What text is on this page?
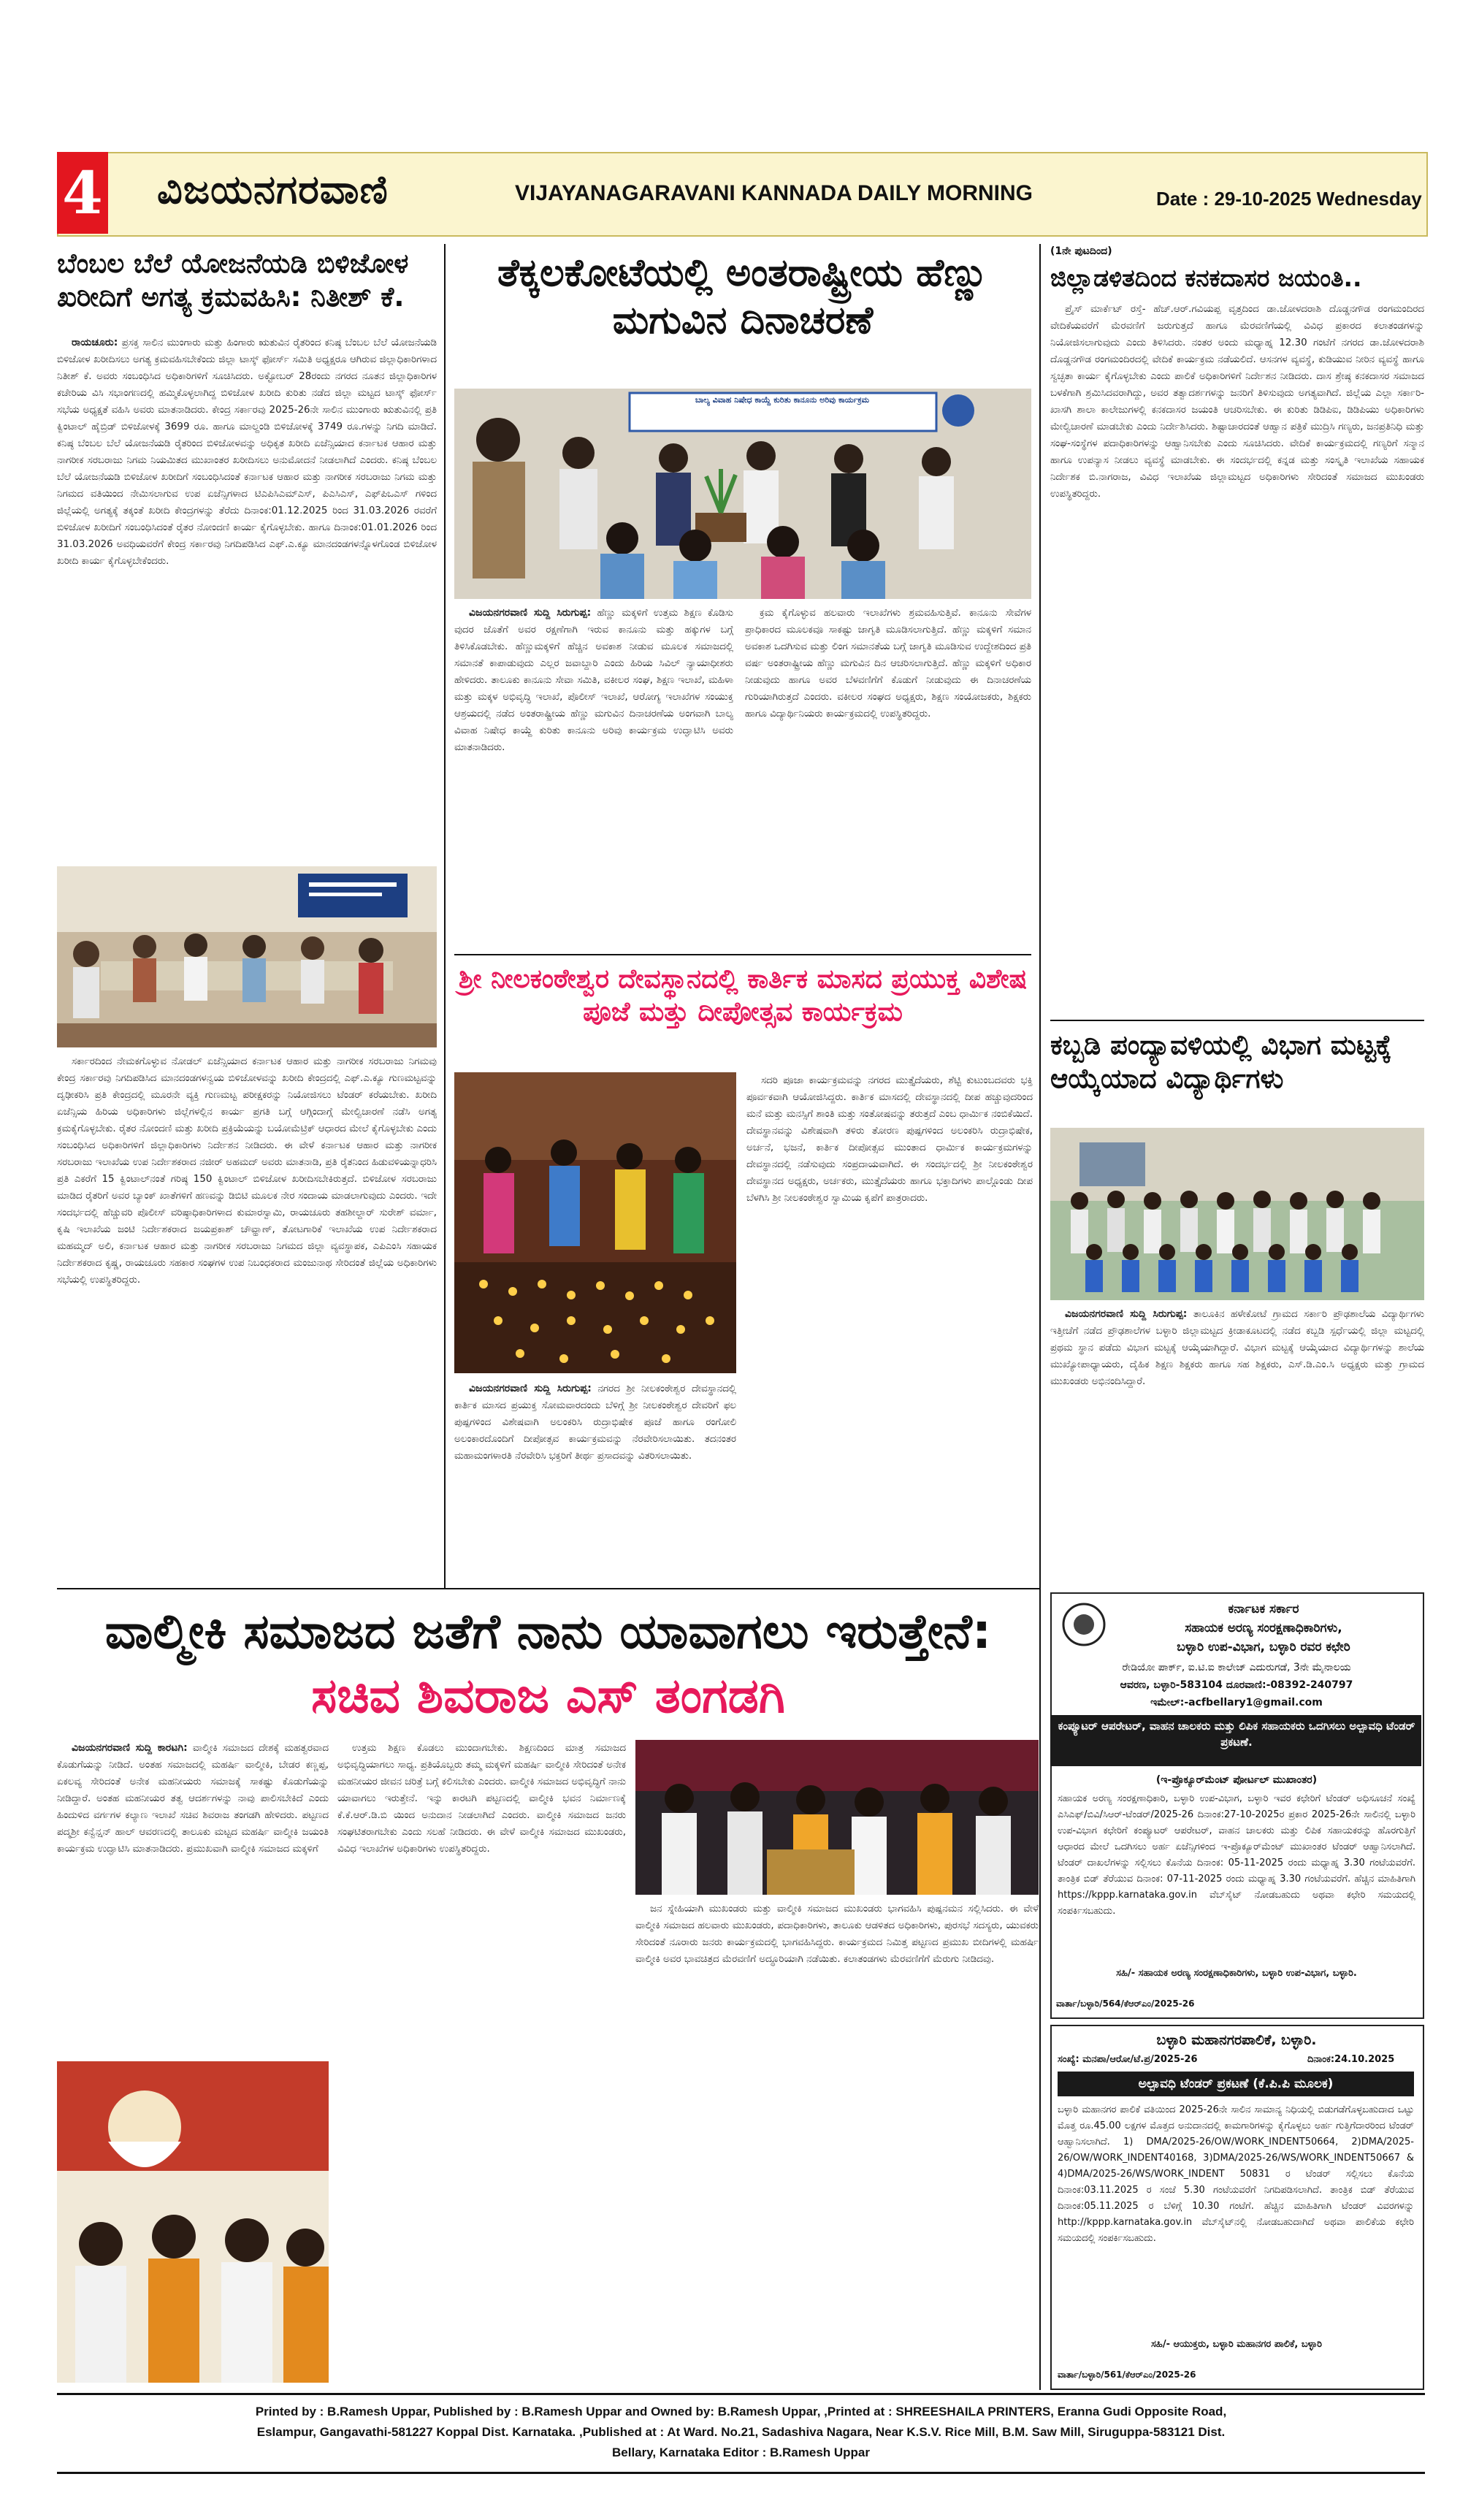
4 ವಿಜಯನಗರವಾಣಿ	VIJAYANAGARAVANI KANNADA DAILY MORNING	Date : 29-10-2025 Wednesday
ಬೆಂಬಲ ಬೆಲೆ ಯೋಜನೆಯಡಿ ಬಿಳಿಜೋಳ ಖರೀದಿಗೆ ಅಗತ್ಯ ಕ್ರಮವಹಿಸಿ: ನಿತೀಶ್ ಕೆ.

ರಾಯಚೂರು: ಪ್ರಸಕ್ತ ಸಾಲಿನ ಮುಂಗಾರು ಮತ್ತು ಹಿಂಗಾರು ಋತುವಿನ ರೈತರಿಂದ ಕನಿಷ್ಠ ಬೆಂಬಲ ಬೆಲೆ ಯೋಜನೆಯಡಿ ಬಿಳಿಜೋಳ ಖರೀದಿಸಲು ಅಗತ್ಯ ಕ್ರಮವಹಿಸಬೇಕೆಂದು ಜಿಲ್ಲಾ ಟಾಸ್ಕ್ ಫೋರ್ಸ್ ಸಮಿತಿ ಅಧ್ಯಕ್ಷರೂ ಆಗಿರುವ ಜಿಲ್ಲಾಧಿಕಾರಿಗಳಾದ ನಿತೀಶ್ ಕೆ. ಅವರು ಸಂಬಂಧಿಸಿದ ಅಧಿಕಾರಿಗಳಿಗೆ ಸೂಚಿಸಿದರು. ಅಕ್ಟೋಬರ್ 28ರಂದು ನಗರದ ನೂತನ ಜಿಲ್ಲಾಧಿಕಾರಿಗಳ ಕಚೇರಿಯ ವಿಸಿ ಸಭಾಂಗಣದಲ್ಲಿ ಹಮ್ಮಿಕೊಳ್ಳಲಾಗಿದ್ದ ಬಿಳಿಜೋಳ ಖರೀದಿ ಕುರಿತು ನಡೆದ ಜಿಲ್ಲಾ ಮಟ್ಟದ ಟಾಸ್ಕ್ ಫೋರ್ಸ್ ಸಭೆಯ ಅಧ್ಯಕ್ಷತೆ ವಹಿಸಿ ಅವರು ಮಾತನಾಡಿದರು. ಕೇಂದ್ರ ಸರ್ಕಾರವು 2025-26ನೇ ಸಾಲಿನ ಮುಂಗಾರು ಋತುವಿನಲ್ಲಿ ಪ್ರತಿ ಕ್ವಿಂಟಾಲ್ ಹೈಬ್ರಿಡ್ ಬಿಳಿಜೋಳಕ್ಕೆ 3699 ರೂ. ಹಾಗೂ ಮಾಲ್ದಂಡಿ ಬಿಳಿಜೋಳಕ್ಕೆ 3749 ರೂ.ಗಳನ್ನು ನಿಗದಿ ಮಾಡಿದೆ. ಕನಿಷ್ಠ ಬೆಂಬಲ ಬೆಲೆ ಯೋಜನೆಯಡಿ ರೈತರಿಂದ ಬಿಳಿಜೋಳವನ್ನು ಅಧಿಕೃತ ಖರೀದಿ ಏಜೆನ್ಸಿಯಾದ ಕರ್ನಾಟಕ ಆಹಾರ ಮತ್ತು ನಾಗರೀಕ ಸರಬರಾಜು ನಿಗಮ ನಿಯಮಿತದ ಮುಖಾಂತರ ಖರೀದಿಸಲು ಅನುಮೋದನೆ ನೀಡಲಾಗಿದೆ ಎಂದರು. ಕನಿಷ್ಠ ಬೆಂಬಲ ಬೆಲೆ ಯೋಜನೆಯಡಿ ಬಿಳಿಜೋಳ ಖರೀದಿಗೆ ಸಂಬಂಧಿಸಿದಂತೆ ಕರ್ನಾಟಕ ಆಹಾರ ಮತ್ತು ನಾಗರೀಕ ಸರಬರಾಜು ನಿಗಮ ಮತ್ತು ನಿಗಮದ ವತಿಯಿಂದ ನೇಮಿಸಲಾಗುವ ಉಪ ಏಜೆನ್ಸಿಗಳಾದ ಟಿಎಪಿಸಿಎಮ್ಎಸ್, ಪಿಎಸಿಎಸ್, ಎಫ್‌ಪಿಒಎಸ್ ಗಳಿಂದ ಜಿಲ್ಲೆಯಲ್ಲಿ ಅಗತ್ಯಕ್ಕೆ ತಕ್ಕಂತೆ ಖರೀದಿ ಕೇಂದ್ರಗಳನ್ನು ತೆರೆದು ದಿನಾಂಕ:01.12.2025 ರಿಂದ 31.03.2026 ರವರೆಗೆ ಬಿಳಿಜೋಳ ಖರೀದಿಗೆ ಸಂಬಂಧಿಸಿದಂತೆ ರೈತರ ನೋಂದಣಿ ಕಾರ್ಯ ಕೈಗೊಳ್ಳಬೇಕು. ಹಾಗೂ ದಿನಾಂಕ:01.01.2026 ರಿಂದ 31.03.2026 ಅವಧಿಯವರೆಗೆ ಕೇಂದ್ರ ಸರ್ಕಾರವು ನಿಗದಿಪಡಿಸಿದ ಎಫ್.ಎ.ಕ್ಯೂ ಮಾನದಂಡಗಳನ್ನೊಳಗೊಂಡ ಬಿಳಿಜೋಳ ಖರೀದಿ ಕಾರ್ಯ ಕೈಗೊಳ್ಳಬೇಕೆಂದರು.

ಸರ್ಕಾರದಿಂದ ನೇಮಕಗೊಳ್ಳುವ ನೋಡಲ್ ಏಜೆನ್ಸಿಯಾದ ಕರ್ನಾಟಕ ಆಹಾರ ಮತ್ತು ನಾಗರೀಕ ಸರಬರಾಜು ನಿಗಮವು ಕೇಂದ್ರ ಸರ್ಕಾರವು ನಿಗದಿಪಡಿಸಿದ ಮಾನದಂಡಗಳನ್ವಯ ಬಿಳಿಜೋಳವನ್ನು ಖರೀದಿ ಕೇಂದ್ರದಲ್ಲಿ ಎಫ್.ಎ.ಕ್ಯೂ ಗುಣಮಟ್ಟವನ್ನು ದೃಢೀಕರಿಸಿ ಪ್ರತಿ ಕೇಂದ್ರದಲ್ಲಿ ಮೂರನೇ ವ್ಯಕ್ತಿ ಗುಣಮಟ್ಟ ಪರೀಕ್ಷಕರನ್ನು ನಿಯೋಜಿಸಲು ಟೆಂಡರ್ ಕರೆಯಬೇಕು. ಖರೀದಿ ಏಜೆನ್ಸಿಯ ಹಿರಿಯ ಅಧಿಕಾರಿಗಳು ಜಿಲ್ಲೆಗಳಲ್ಲಿನ ಕಾರ್ಯ ಪ್ರಗತಿ ಬಗ್ಗೆ ಆಗ್ಗಿಂದಾಗ್ಗೆ ಮೇಲ್ವಿಚಾರಣೆ ನಡೆಸಿ ಅಗತ್ಯ ಕ್ರಮಕೈಗೊಳ್ಳಬೇಕು. ರೈತರ ನೋಂದಣಿ ಮತ್ತು ಖರೀದಿ ಪ್ರಕ್ರಿಯೆಯನ್ನು ಬಯೋಮೆಟ್ರಿಕ್ ಆಧಾರದ ಮೇಲೆ ಕೈಗೊಳ್ಳಬೇಕು ಎಂದು ಸಂಬಂಧಿಸಿದ ಅಧಿಕಾರಿಗಳಿಗೆ ಜಿಲ್ಲಾಧಿಕಾರಿಗಳು ನಿರ್ದೇಶನ ನೀಡಿದರು. ಈ ವೇಳೆ ಕರ್ನಾಟಕ ಆಹಾರ ಮತ್ತು ನಾಗರೀಕ ಸರಬರಾಜು ಇಲಾಖೆಯ ಉಪ ನಿರ್ದೇಶಕರಾದ ನಜೀರ್ ಅಹಮದ್ ಅವರು ಮಾತನಾಡಿ, ಪ್ರತಿ ರೈತನಿಂದ ಹಿಡುವಳಿಯನ್ನಾಧರಿಸಿ ಪ್ರತಿ ಎಕರೆಗೆ 15 ಕ್ವಿಂಟಾಲ್‌ನಂತೆ ಗರಿಷ್ಠ 150 ಕ್ವಿಂಟಾಲ್ ಬಿಳಿಜೋಳ ಖರೀದಿಸಬೇಕಿರುತ್ತದೆ. ಬಿಳಿಜೋಳ ಸರಬರಾಜು ಮಾಡಿದ ರೈತರಿಗೆ ಅವರ ಬ್ಯಾಂಕ್ ಖಾತೆಗಳಿಗೆ ಹಣವನ್ನು ಡಿಬಿಟಿ ಮೂಲಕ ನೇರ ಸಂದಾಯ ಮಾಡಲಾಗುವುದು ಎಂದರು. ಇದೇ ಸಂದರ್ಭದಲ್ಲಿ ಹೆಚ್ಚುವರಿ ಪೊಲೀಸ್ ವರಿಷ್ಠಾಧಿಕಾರಿಗಳಾದ ಕುಮಾರಸ್ವಾಮಿ, ರಾಯಚೂರು ತಹಶೀಲ್ದಾರ್ ಸುರೇಶ್ ವರ್ಮಾ, ಕೃಷಿ ಇಲಾಖೆಯ ಜಂಟಿ ನಿರ್ದೇಶಕರಾದ ಜಯಪ್ರಕಾಶ್ ಚೌವ್ಹಾಣ್, ತೋಟಗಾರಿಕೆ ಇಲಾಖೆಯ ಉಪ ನಿರ್ದೇಶಕರಾದ ಮಹಮ್ಮದ್ ಅಲಿ, ಕರ್ನಾಟಕ ಆಹಾರ ಮತ್ತು ನಾಗರೀಕ ಸರಬರಾಜು ನಿಗಮದ ಜಿಲ್ಲಾ ವ್ಯವಸ್ಥಾಪಕ, ಎಪಿಎಂಸಿ ಸಹಾಯಕ ನಿರ್ದೇಶಕರಾದ ಕೃಷ್ಣ, ರಾಯಚೂರು ಸಹಕಾರ ಸಂಘಗಳ ಉಪ ನಿಬಂಧಕರಾದ ಮಂಜುನಾಥ ಸೇರಿದಂತೆ ಜಿಲ್ಲೆಯ ಅಧಿಕಾರಿಗಳು ಸಭೆಯಲ್ಲಿ ಉಪಸ್ಥಿತರಿದ್ದರು.

ತೆಕ್ಕಲಕೋಟೆಯಲ್ಲಿ ಅಂತರಾಷ್ಟ್ರೀಯ ಹೆಣ್ಣು ಮಗುವಿನ ದಿನಾಚರಣೆ
ಬಾಲ್ಯ ವಿವಾಹ ನಿಷೇಧ ಕಾಯ್ದೆ ಕುರಿತು ಕಾನೂನು ಅರಿವು ಕಾರ್ಯಕ್ರಮ

ವಿಜಯನಗರವಾಣಿ ಸುದ್ದಿ ಸಿರುಗುಪ್ಪ: ಹೆಣ್ಣು ಮಕ್ಕಳಿಗೆ ಉತ್ತಮ ಶಿಕ್ಷಣ ಕೊಡಿಸು ವುದರ ಜೊತೆಗೆ ಅವರ ರಕ್ಷಣೆಗಾಗಿ ಇರುವ ಕಾನೂನು ಮತ್ತು ಹಕ್ಕುಗಳ ಬಗ್ಗೆ ತಿಳಿಸಿಕೊಡಬೇಕು. ಹೆಣ್ಣುಮಕ್ಕಳಿಗೆ ಹೆಚ್ಚಿನ ಅವಕಾಶ ನೀಡುವ ಮೂಲಕ ಸಮಾಜದಲ್ಲಿ ಸಮಾನತೆ ಕಾಪಾಡುವುದು ಎಲ್ಲರ ಜವಾಬ್ದಾರಿ ಎಂದು ಹಿರಿಯ ಸಿವಿಲ್ ನ್ಯಾಯಾಧೀಶರು ಹೇಳಿದರು. ತಾಲೂಕು ಕಾನೂನು ಸೇವಾ ಸಮಿತಿ, ವಕೀಲರ ಸಂಘ, ಶಿಕ್ಷಣ ಇಲಾಖೆ, ಮಹಿಳಾ ಮತ್ತು ಮಕ್ಕಳ ಅಭಿವೃದ್ಧಿ ಇಲಾಖೆ, ಪೊಲೀಸ್ ಇಲಾಖೆ, ಆರೋಗ್ಯ ಇಲಾಖೆಗಳ ಸಂಯುಕ್ತ ಆಶ್ರಯದಲ್ಲಿ ನಡೆದ ಅಂತರಾಷ್ಟ್ರೀಯ ಹೆಣ್ಣು ಮಗುವಿನ ದಿನಾಚರಣೆಯ ಅಂಗವಾಗಿ ಬಾಲ್ಯ ವಿವಾಹ ನಿಷೇಧ ಕಾಯ್ದೆ ಕುರಿತು ಕಾನೂನು ಅರಿವು ಕಾರ್ಯಕ್ರಮ ಉದ್ಘಾಟಿಸಿ ಅವರು ಮಾತನಾಡಿದರು.

ಕ್ರಮ ಕೈಗೊಳ್ಳುವ ಹಲವಾರು ಇಲಾಖೆಗಳು ಶ್ರಮವಹಿಸುತ್ತಿವೆ. ಕಾನೂನು ಸೇವೆಗಳ ಪ್ರಾಧಿಕಾರದ ಮೂಲಕವೂ ಸಾಕಷ್ಟು ಜಾಗೃತಿ ಮೂಡಿಸಲಾಗುತ್ತಿದೆ. ಹೆಣ್ಣು ಮಕ್ಕಳಿಗೆ ಸಮಾನ ಅವಕಾಶ ಒದಗಿಸುವ ಮತ್ತು ಲಿಂಗ ಸಮಾನತೆಯ ಬಗ್ಗೆ ಜಾಗೃತಿ ಮೂಡಿಸುವ ಉದ್ದೇಶದಿಂದ ಪ್ರತಿ ವರ್ಷ ಅಂತರಾಷ್ಟ್ರೀಯ ಹೆಣ್ಣು ಮಗುವಿನ ದಿನ ಆಚರಿಸಲಾಗುತ್ತಿದೆ. ಹೆಣ್ಣು ಮಕ್ಕಳಿಗೆ ಅಧಿಕಾರ ನೀಡುವುದು ಹಾಗೂ ಅವರ ಬೆಳವಣಿಗೆಗೆ ಕೊಡುಗೆ ನೀಡುವುದು ಈ ದಿನಾಚರಣೆಯ ಗುರಿಯಾಗಿರುತ್ತದೆ ಎಂದರು. ವಕೀಲರ ಸಂಘದ ಅಧ್ಯಕ್ಷರು, ಶಿಕ್ಷಣ ಸಂಯೋಜಕರು, ಶಿಕ್ಷಕರು ಹಾಗೂ ವಿದ್ಯಾರ್ಥಿನಿಯರು ಕಾರ್ಯಕ್ರಮದಲ್ಲಿ ಉಪಸ್ಥಿತರಿದ್ದರು.

ಶ್ರೀ ನೀಲಕಂಠೇಶ್ವರ ದೇವಸ್ಥಾನದಲ್ಲಿ ಕಾರ್ತಿಕ ಮಾಸದ ಪ್ರಯುಕ್ತ ವಿಶೇಷ ಪೂಜೆ ಮತ್ತು ದೀಪೋತ್ಸವ ಕಾರ್ಯಕ್ರಮ

ವಿಜಯನಗರವಾಣಿ ಸುದ್ದಿ ಸಿರುಗುಪ್ಪ: ನಗರದ ಶ್ರೀ ನೀಲಕಂಠೇಶ್ವರ ದೇವಸ್ಥಾನದಲ್ಲಿ ಕಾರ್ತಿಕ ಮಾಸದ ಪ್ರಯುಕ್ತ ಸೋಮವಾರದಂದು ಬೆಳಿಗ್ಗೆ ಶ್ರೀ ನೀಲಕಂಠೇಶ್ವರ ದೇವರಿಗೆ ಫಲ ಪುಷ್ಪಗಳಿಂದ ವಿಶೇಷವಾಗಿ ಅಲಂಕರಿಸಿ ರುದ್ರಾಭಿಷೇಕ ಪೂಜೆ ಹಾಗೂ ರಂಗೋಲಿ ಅಲಂಕಾರದೊಂದಿಗೆ ದೀಪೋತ್ಸವ ಕಾರ್ಯಕ್ರಮವನ್ನು ನೆರವೇರಿಸಲಾಯಿತು. ತದನಂತರ ಮಹಾಮಂಗಳಾರತಿ ನೆರವೇರಿಸಿ ಭಕ್ತರಿಗೆ ತೀರ್ಥ ಪ್ರಸಾದವನ್ನು ವಿತರಿಸಲಾಯಿತು.

ಸದರಿ ಪೂಜಾ ಕಾರ್ಯಕ್ರಮವನ್ನು ನಗರದ ಮುತ್ತೈದೆಯರು, ಶೆಟ್ಟಿ ಕುಟುಂಬದವರು ಭಕ್ತಿ ಪೂರ್ವಕವಾಗಿ ಆಯೋಜಿಸಿದ್ದರು. ಕಾರ್ತಿಕ ಮಾಸದಲ್ಲಿ ದೇವಸ್ಥಾನದಲ್ಲಿ ದೀಪ ಹಚ್ಚುವುದರಿಂದ ಮನೆ ಮತ್ತು ಮನಸ್ಸಿಗೆ ಶಾಂತಿ ಮತ್ತು ಸಂತೋಷವನ್ನು ತರುತ್ತದೆ ಎಂಬ ಧಾರ್ಮಿಕ ನಂಬಿಕೆಯಿದೆ. ದೇವಸ್ಥಾನವನ್ನು ವಿಶೇಷವಾಗಿ ತಳಿರು ತೋರಣ ಪುಷ್ಪಗಳಿಂದ ಅಲಂಕರಿಸಿ ರುದ್ರಾಭಿಷೇಕ, ಅರ್ಚನೆ, ಭಜನೆ, ಕಾರ್ತಿಕ ದೀಪೋತ್ಸವ ಮುಂತಾದ ಧಾರ್ಮಿಕ ಕಾರ್ಯಕ್ರಮಗಳನ್ನು ದೇವಸ್ಥಾನದಲ್ಲಿ ನಡೆಸುವುದು ಸಂಪ್ರದಾಯವಾಗಿದೆ. ಈ ಸಂದರ್ಭದಲ್ಲಿ ಶ್ರೀ ನೀಲಕಂಠೇಶ್ವರ ದೇವಸ್ಥಾನದ ಅಧ್ಯಕ್ಷರು, ಅರ್ಚಕರು, ಮುತ್ತೈದೆಯರು ಹಾಗೂ ಭಕ್ತಾದಿಗಳು ಪಾಲ್ಗೊಂಡು ದೀಪ ಬೆಳಗಿಸಿ ಶ್ರೀ ನೀಲಕಂಠೇಶ್ವರ ಸ್ವಾಮಿಯ ಕೃಪೆಗೆ ಪಾತ್ರರಾದರು.

ವಾಲ್ಮೀಕಿ ಸಮಾಜದ ಜತೆಗೆ ನಾನು ಯಾವಾಗಲು ಇರುತ್ತೇನೆ: ಸಚಿವ ಶಿವರಾಜ ಎಸ್ ತಂಗಡಗಿ

ವಿಜಯನಗರವಾಣಿ ಸುದ್ದಿ ಕಾರಟಗಿ: ವಾಲ್ಮೀಕಿ ಸಮಾಜದ ದೇಶಕ್ಕೆ ಮಹತ್ವರವಾದ ಕೊಡುಗೆಯನ್ನು ನೀಡಿದೆ. ಅಂತಹ ಸಮಾಜದಲ್ಲಿ ಮಹರ್ಷಿ ವಾಲ್ಮೀಕಿ, ಬೇಡರ ಕಣ್ಣಪ್ಪ, ಏಕಲವ್ಯ ಸೇರಿದಂತೆ ಅನೇಕ ಮಹನೀಯರು ಸಮಾಜಕ್ಕೆ ಸಾಕಷ್ಟು ಕೊಡುಗೆಯನ್ನು ನೀಡಿದ್ದಾರೆ. ಅಂತಹ ಮಹನೀಯರ ತತ್ವ ಆದರ್ಶಗಳನ್ನು ನಾವು ಪಾಲಿಸಬೇಕಿದೆ ಎಂದು ಹಿಂದುಳಿದ ವರ್ಗಗಳ ಕಲ್ಯಾಣ ಇಲಾಖೆ ಸಚಿವ ಶಿವರಾಜ ತಂಗಡಗಿ ಹೇಳಿದರು. ಪಟ್ಟಣದ ಪದ್ಮಶ್ರೀ ಕನ್ವೆನ್ಷನ್ ಹಾಲ್ ಆವರಣದಲ್ಲಿ ತಾಲೂಕು ಮಟ್ಟದ ಮಹರ್ಷಿ ವಾಲ್ಮೀಕಿ ಜಯಂತಿ ಕಾರ್ಯಕ್ರಮ ಉದ್ಘಾಟಿಸಿ ಮಾತನಾಡಿದರು. ಪ್ರಮುಖವಾಗಿ ವಾಲ್ಮೀಕಿ ಸಮಾಜದ ಮಕ್ಕಳಿಗೆ

ಉತ್ತಮ ಶಿಕ್ಷಣ ಕೊಡಲು ಮುಂದಾಗಬೇಕು. ಶಿಕ್ಷಣದಿಂದ ಮಾತ್ರ ಸಮಾಜದ ಅಭಿವೃದ್ಧಿಯಾಗಲು ಸಾಧ್ಯ. ಪ್ರತಿಯೊಬ್ಬರು ತಮ್ಮ ಮಕ್ಕಳಿಗೆ ಮಹರ್ಷಿ ವಾಲ್ಮೀಕಿ ಸೇರಿದಂತೆ ಅನೇಕ ಮಹನೀಯರ ಜೀವನ ಚರಿತ್ರೆ ಬಗ್ಗೆ ಕಲಿಸಬೇಕು ಎಂದರು. ವಾಲ್ಮೀಕಿ ಸಮಾಜದ ಅಭಿವೃದ್ಧಿಗೆ ನಾನು ಯಾವಾಗಲು ಇರುತ್ತೇನೆ. ಇನ್ನು ಕಾರಟಗಿ ಪಟ್ಟಣದಲ್ಲಿ ವಾಲ್ಮೀಕಿ ಭವನ ನಿರ್ಮಾಣಕ್ಕೆ ಕೆ.ಕೆ.ಆರ್.ಡಿ.ಬಿ ಯಿಂದ ಅನುದಾನ ನೀಡಲಾಗಿದೆ ಎಂದರು. ವಾಲ್ಮೀಕಿ ಸಮಾಜದ ಜನರು ಸಂಘಟಿತರಾಗಬೇಕು ಎಂದು ಸಲಹೆ ನೀಡಿದರು. ಈ ವೇಳೆ ವಾಲ್ಮೀಕಿ ಸಮಾಜದ ಮುಖಂಡರು, ವಿವಿಧ ಇಲಾಖೆಗಳ ಅಧಿಕಾರಿಗಳು ಉಪಸ್ಥಿತರಿದ್ದರು.

ಜನ ಸ್ನೇಹಿಯಾಗಿ ಮುಖಂಡರು ಮತ್ತು ವಾಲ್ಮೀಕಿ ಸಮಾಜದ ಮುಖಂಡರು ಭಾಗವಹಿಸಿ ಪುಷ್ಪನಮನ ಸಲ್ಲಿಸಿದರು. ಈ ವೇಳೆ ವಾಲ್ಮೀಕಿ ಸಮಾಜದ ಹಲವಾರು ಮುಖಂಡರು, ಪದಾಧಿಕಾರಿಗಳು, ತಾಲೂಕು ಆಡಳಿತದ ಅಧಿಕಾರಿಗಳು, ಪುರಸಭೆ ಸದಸ್ಯರು, ಯುವಕರು ಸೇರಿದಂತೆ ನೂರಾರು ಜನರು ಕಾರ್ಯಕ್ರಮದಲ್ಲಿ ಭಾಗವಹಿಸಿದ್ದರು. ಕಾರ್ಯಕ್ರಮದ ನಿಮಿತ್ತ ಪಟ್ಟಣದ ಪ್ರಮುಖ ಬೀದಿಗಳಲ್ಲಿ ಮಹರ್ಷಿ ವಾಲ್ಮೀಕಿ ಅವರ ಭಾವಚಿತ್ರದ ಮೆರವಣಿಗೆ ಅದ್ಧೂರಿಯಾಗಿ ನಡೆಯಿತು. ಕಲಾತಂಡಗಳು ಮೆರವಣಿಗೆಗೆ ಮೆರುಗು ನೀಡಿದವು.

(1ನೇ ಪುಟದಿಂದ)
ಜಿಲ್ಲಾಡಳಿತದಿಂದ ಕನಕದಾಸರ ಜಯಂತಿ..

ಪ್ರೈಸ್ ಮಾರ್ಕೆಟ್ ರಸ್ತೆ- ಹೆಚ್.ಆರ್.ಗವಿಯಪ್ಪ ವೃತ್ತದಿಂದ ಡಾ.ಜೋಳದರಾಶಿ ದೊಡ್ಡನಗೌಡ ರಂಗಮಂದಿರದ ವೇದಿಕೆಯವರೆಗೆ ಮೆರವಣಿಗೆ ಜರುಗುತ್ತದೆ ಹಾಗೂ ಮೆರವಣಿಗೆಯಲ್ಲಿ ವಿವಿಧ ಪ್ರಕಾರದ ಕಲಾತಂಡಗಳನ್ನು ನಿಯೋಜಿಸಲಾಗುವುದು ಎಂದು ತಿಳಿಸಿದರು. ನಂತರ ಅಂದು ಮಧ್ಯಾಹ್ನ 12.30 ಗಂಟೆಗೆ ನಗರದ ಡಾ.ಜೋಳದರಾಶಿ ದೊಡ್ಡನಗೌಡ ರಂಗಮಂದಿರದಲ್ಲಿ ವೇದಿಕೆ ಕಾರ್ಯಕ್ರಮ ನಡೆಯಲಿದೆ. ಆಸನಗಳ ವ್ಯವಸ್ಥೆ, ಕುಡಿಯುವ ನೀರಿನ ವ್ಯವಸ್ಥೆ ಹಾಗೂ ಸ್ವಚ್ಛತಾ ಕಾರ್ಯ ಕೈಗೊಳ್ಳಬೇಕು ಎಂದು ಪಾಲಿಕೆ ಅಧಿಕಾರಿಗಳಿಗೆ ನಿರ್ದೇಶನ ನೀಡಿದರು. ದಾಸ ಶ್ರೇಷ್ಠ ಕನಕದಾಸರ ಸಮಾಜದ ಬಳಕೆಗಾಗಿ ಶ್ರಮಿಸಿದವರಾಗಿದ್ದು, ಅವರ ತತ್ವಾದರ್ಶಗಳನ್ನು ಜನರಿಗೆ ತಿಳಿಸುವುದು ಅಗತ್ಯವಾಗಿದೆ. ಜಿಲ್ಲೆಯ ಎಲ್ಲಾ ಸರ್ಕಾರಿ-ಖಾಸಗಿ ಶಾಲಾ ಕಾಲೇಜುಗಳಲ್ಲಿ ಕನಕದಾಸರ ಜಯಂತಿ ಆಚರಿಸಬೇಕು. ಈ ಕುರಿತು ಡಿಡಿಪಿಐ, ಡಿಡಿಪಿಯು ಅಧಿಕಾರಿಗಳು ಮೇಲ್ವಿಚಾರಣೆ ಮಾಡಬೇಕು ಎಂದು ನಿರ್ದೇಶಿಸಿದರು. ಶಿಷ್ಟಾಚಾರದಂತೆ ಆಹ್ವಾನ ಪತ್ರಿಕೆ ಮುದ್ರಿಸಿ ಗಣ್ಯರು, ಜನಪ್ರತಿನಿಧಿ ಮತ್ತು ಸಂಘ-ಸಂಸ್ಥೆಗಳ ಪದಾಧಿಕಾರಿಗಳನ್ನು ಆಹ್ವಾನಿಸಬೇಕು ಎಂದು ಸೂಚಿಸಿದರು. ವೇದಿಕೆ ಕಾರ್ಯಕ್ರಮದಲ್ಲಿ ಗಣ್ಯರಿಗೆ ಸನ್ಮಾನ ಹಾಗೂ ಉಪನ್ಯಾಸ ನೀಡಲು ವ್ಯವಸ್ಥೆ ಮಾಡಬೇಕು. ಈ ಸಂದರ್ಭದಲ್ಲಿ ಕನ್ನಡ ಮತ್ತು ಸಂಸ್ಕೃತಿ ಇಲಾಖೆಯ ಸಹಾಯಕ ನಿರ್ದೇಶಕ ಬಿ.ನಾಗರಾಜ, ವಿವಿಧ ಇಲಾಖೆಯ ಜಿಲ್ಲಾಮಟ್ಟದ ಅಧಿಕಾರಿಗಳು ಸೇರಿದಂತೆ ಸಮಾಜದ ಮುಖಂಡರು ಉಪಸ್ಥಿತರಿದ್ದರು.

ಕಬ್ಬಡಿ ಪಂದ್ಯಾವಳಿಯಲ್ಲಿ ವಿಭಾಗ ಮಟ್ಟಕ್ಕೆ ಆಯ್ಕೆಯಾದ ವಿದ್ಯಾರ್ಥಿಗಳು

ವಿಜಯನಗರವಾಣಿ ಸುದ್ದಿ ಸಿರುಗುಪ್ಪ: ತಾಲೂಕಿನ ಹಳೇಕೋಟೆ ಗ್ರಾಮದ ಸರ್ಕಾರಿ ಪ್ರೌಢಶಾಲೆಯ ವಿದ್ಯಾರ್ಥಿಗಳು ಇತ್ತೀಚೆಗೆ ನಡೆದ ಪ್ರೌಢಶಾಲೆಗಳ ಬಳ್ಳಾರಿ ಜಿಲ್ಲಾಮಟ್ಟದ ಕ್ರೀಡಾಕೂಟದಲ್ಲಿ ನಡೆದ ಕಬ್ಬಡಿ ಸ್ಪರ್ಧೆಯಲ್ಲಿ ಜಿಲ್ಲಾ ಮಟ್ಟದಲ್ಲಿ ಪ್ರಥಮ ಸ್ಥಾನ ಪಡೆದು ವಿಭಾಗ ಮಟ್ಟಕ್ಕೆ ಆಯ್ಕೆಯಾಗಿದ್ದಾರೆ. ವಿಭಾಗ ಮಟ್ಟಕ್ಕೆ ಆಯ್ಕೆಯಾದ ವಿದ್ಯಾರ್ಥಿಗಳನ್ನು ಶಾಲೆಯ ಮುಖ್ಯೋಪಾಧ್ಯಾಯರು, ದೈಹಿಕ ಶಿಕ್ಷಣ ಶಿಕ್ಷಕರು ಹಾಗೂ ಸಹ ಶಿಕ್ಷಕರು, ಎಸ್.ಡಿ.ಎಂ.ಸಿ ಅಧ್ಯಕ್ಷರು ಮತ್ತು ಗ್ರಾಮದ ಮುಖಂಡರು ಅಭಿನಂದಿಸಿದ್ದಾರೆ.

ಕರ್ನಾಟಕ ಸರ್ಕಾರ
ಸಹಾಯಕ ಅರಣ್ಯ ಸಂರಕ್ಷಣಾಧಿಕಾರಿಗಳು,
ಬಳ್ಳಾರಿ ಉಪ-ವಿಭಾಗ, ಬಳ್ಳಾರಿ ರವರ ಕಛೇರಿ
ರೇಡಿಯೋ ಪಾರ್ಕ್, ಐ.ಟಿ.ಐ ಕಾಲೇಜ್ ಎದುರುಗಡೆ, 3ನೇ ಮೈನಾಲಯ
ಆವರಣ, ಬಳ್ಳಾರಿ-583104 ದೂರವಾಣಿ:-08392-240797
ಇಮೇಲ್:-acfbellary1@gmail.com
ಕಂಪ್ಯೂಟರ್ ಆಪರೇಟರ್, ವಾಹನ ಚಾಲಕರು ಮತ್ತು ಲಿಪಿಕ ಸಹಾಯಕರು ಒದಗಿಸಲು ಅಲ್ಪಾವಧಿ ಟೆಂಡರ್ ಪ್ರಕಟಣೆ.
(ಇ-ಪ್ರೊಕ್ಯೂರ್‌ಮೆಂಟ್ ಪೋರ್ಟಲ್ ಮುಖಾಂತರ)
ಸಹಾಯಕ ಅರಣ್ಯ ಸಂರಕ್ಷಣಾಧಿಕಾರಿ, ಬಳ್ಳಾರಿ ಉಪ-ವಿಭಾಗ, ಬಳ್ಳಾರಿ ಇವರ ಕಛೇರಿಗೆ ಟೆಂಡರ್ ಅಧಿಸೂಚನೆ ಸಂಖ್ಯೆ ಎಸಿಎಫ್/ಬಿವಿ/ಸಿಆರ್-ಟೆಂಡರ್/2025-26 ದಿನಾಂಕ:27-10-2025ರ ಪ್ರಕಾರ 2025-26ನೇ ಸಾಲಿನಲ್ಲಿ ಬಳ್ಳಾರಿ ಉಪ-ವಿಭಾಗ ಕಛೇರಿಗೆ ಕಂಪ್ಯೂಟರ್ ಆಪರೇಟರ್, ವಾಹನ ಚಾಲಕರು ಮತ್ತು ಲಿಪಿಕ ಸಹಾಯಕರನ್ನು ಹೊರಗುತ್ತಿಗೆ ಆಧಾರದ ಮೇಲೆ ಒದಗಿಸಲು ಅರ್ಹ ಏಜೆನ್ಸಿಗಳಿಂದ ಇ-ಪ್ರೊಕ್ಯೂರ್‌ಮೆಂಟ್ ಮುಖಾಂತರ ಟೆಂಡರ್ ಆಹ್ವಾನಿಸಲಾಗಿದೆ. ಟೆಂಡರ್ ದಾಖಲೆಗಳನ್ನು ಸಲ್ಲಿಸಲು ಕೊನೆಯ ದಿನಾಂಕ: 05-11-2025 ರಂದು ಮಧ್ಯಾಹ್ನ 3.30 ಗಂಟೆಯವರೆಗೆ. ತಾಂತ್ರಿಕ ಬಿಡ್ ತೆರೆಯುವ ದಿನಾಂಕ: 07-11-2025 ರಂದು ಮಧ್ಯಾಹ್ನ 3.30 ಗಂಟೆಯವರೆಗೆ. ಹೆಚ್ಚಿನ ಮಾಹಿತಿಗಾಗಿ https://kppp.karnataka.gov.in ವೆಬ್‌ಸೈಟ್ ನೋಡಬಹುದು ಅಥವಾ ಕಛೇರಿ ಸಮಯದಲ್ಲಿ ಸಂಪರ್ಕಿಸಬಹುದು.
ಸಹಿ/- ಸಹಾಯಕ ಅರಣ್ಯ ಸಂರಕ್ಷಣಾಧಿಕಾರಿಗಳು, ಬಳ್ಳಾರಿ ಉಪ-ವಿಭಾಗ, ಬಳ್ಳಾರಿ.
ವಾರ್ತಾ/ಬಳ್ಳಾರಿ/564/ಕೆಆರ್‌ಎಂ/2025-26
ಬಳ್ಳಾರಿ ಮಹಾನಗರಪಾಲಿಕೆ, ಬಳ್ಳಾರಿ.
ಸಂಖ್ಯೆ: ಮನಪಾ/ಆರೋ/ಟೆ.ಪ್ರ/2025-26	ದಿನಾಂಕ:24.10.2025
ಅಲ್ಪಾವಧಿ ಟೆಂಡರ್ ಪ್ರಕಟಣೆ (ಕೆ.ಪಿ.ಪಿ ಮೂಲಕ)
ಬಳ್ಳಾರಿ ಮಹಾನಗರ ಪಾಲಿಕೆ ವತಿಯಿಂದ 2025-26ನೇ ಸಾಲಿನ ಸಾಮಾನ್ಯ ನಿಧಿಯಲ್ಲಿ ಬಿಡುಗಡೆಗೊಳ್ಳಬಹುದಾದ ಒಟ್ಟು ಮೊತ್ತ ರೂ.45.00 ಲಕ್ಷಗಳ ಮೊತ್ತದ ಅನುದಾನದಲ್ಲಿ ಕಾಮಗಾರಿಗಳನ್ನು ಕೈಗೊಳ್ಳಲು ಅರ್ಹ ಗುತ್ತಿಗೆದಾರರಿಂದ ಟೆಂಡರ್ ಆಹ್ವಾನಿಸಲಾಗಿದೆ. 1) DMA/2025-26/OW/WORK_INDENT50664, 2)DMA/2025-26/OW/WORK_INDENT40168, 3)DMA/2025-26/WS/WORK_INDENT50667 & 4)DMA/2025-26/WS/WORK_INDENT 50831 ರ ಟೆಂಡರ್ ಸಲ್ಲಿಸಲು ಕೊನೆಯ ದಿನಾಂಕ:03.11.2025 ರ ಸಂಜೆ 5.30 ಗಂಟೆಯವರೆಗೆ ನಿಗದಿಪಡಿಸಲಾಗಿದೆ. ತಾಂತ್ರಿಕ ಬಿಡ್ ತೆರೆಯುವ ದಿನಾಂಕ:05.11.2025 ರ ಬೆಳಿಗ್ಗೆ 10.30 ಗಂಟೆಗೆ. ಹೆಚ್ಚಿನ ಮಾಹಿತಿಗಾಗಿ ಟೆಂಡರ್ ವಿವರಗಳನ್ನು http://kppp.karnataka.gov.in ವೆಬ್‌ಸೈಟ್‌ನಲ್ಲಿ ನೋಡಬಹುದಾಗಿದೆ ಅಥವಾ ಪಾಲಿಕೆಯ ಕಛೇರಿ ಸಮಯದಲ್ಲಿ ಸಂಪರ್ಕಿಸಬಹುದು.
ಸಹಿ/- ಆಯುಕ್ತರು, ಬಳ್ಳಾರಿ ಮಹಾನಗರ ಪಾಲಿಕೆ, ಬಳ್ಳಾರಿ
ವಾರ್ತಾ/ಬಳ್ಳಾರಿ/561/ಕೆಆರ್‌ಎಂ/2025-26
Printed by : B.Ramesh Uppar, Published by : B.Ramesh Uppar and Owned by: B.Ramesh Uppar, ,Printed at : SHREESHAILA PRINTERS, Eranna Gudi Opposite Road,
Eslampur, Gangavathi-581227 Koppal Dist. Karnataka. ,Published at : At Ward. No.21, Sadashiva Nagara, Near K.S.V. Rice Mill, B.M. Saw Mill, Siruguppa-583121 Dist.
Bellary, Karnataka Editor : B.Ramesh Uppar
